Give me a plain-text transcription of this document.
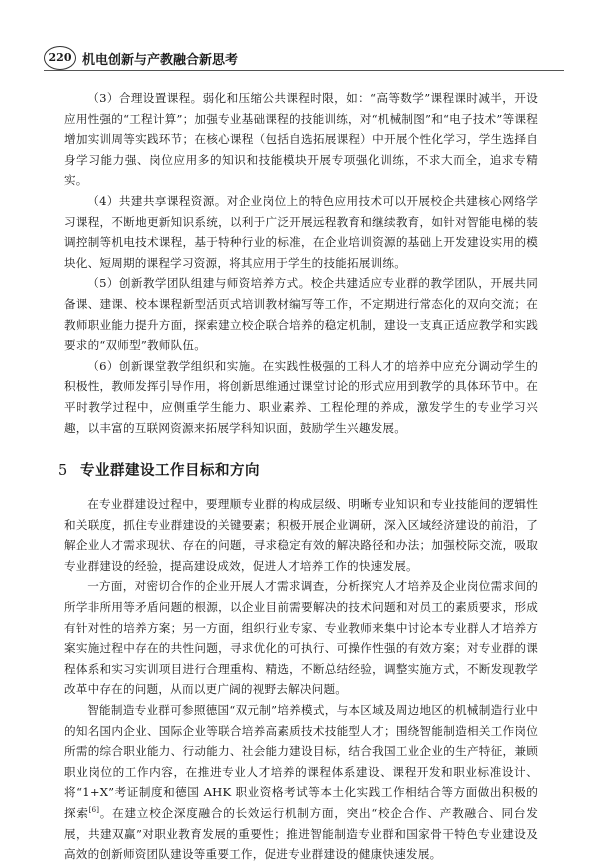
220 机电创新与产教融合新思考

（3）合理设置课程。弱化和压缩公共课程时限，如：“高等数学”课程课时减半，开设应用性强的“工程计算”；加强专业基础课程的技能训练，对“机械制图”和“电子技术”等课程增加实训周等实践环节；在核心课程（包括自选拓展课程）中开展个性化学习，学生选择自身学习能力强、岗位应用多的知识和技能模块开展专项强化训练，不求大而全，追求专精实。

（4）共建共享课程资源。对企业岗位上的特色应用技术可以开展校企共建核心网络学习课程，不断地更新知识系统，以利于广泛开展远程教育和继续教育，如针对智能电梯的装调控制等机电技术课程，基于特种行业的标准，在企业培训资源的基础上开发建设实用的模块化、短周期的课程学习资源，将其应用于学生的技能拓展训练。

（5）创新教学团队组建与师资培养方式。校企共建适应专业群的教学团队，开展共同备课、建课、校本课程新型活页式培训教材编写等工作，不定期进行常态化的双向交流；在教师职业能力提升方面，探索建立校企联合培养的稳定机制，建设一支真正适应教学和实践要求的“双师型”教师队伍。

（6）创新课堂教学组织和实施。在实践性极强的工科人才的培养中应充分调动学生的积极性，教师发挥引导作用，将创新思维通过课堂讨论的形式应用到教学的具体环节中。在平时教学过程中，应侧重学生能力、职业素养、工程伦理的养成，激发学生的专业学习兴趣，以丰富的互联网资源来拓展学科知识面，鼓励学生兴趣发展。

5 专业群建设工作目标和方向

在专业群建设过程中，要理顺专业群的构成层级、明晰专业知识和专业技能间的逻辑性和关联度，抓住专业群建设的关键要素；积极开展企业调研，深入区域经济建设的前沿，了解企业人才需求现状、存在的问题，寻求稳定有效的解决路径和办法；加强校际交流，吸取专业群建设的经验，提高建设成效，促进人才培养工作的快速发展。

一方面，对密切合作的企业开展人才需求调查，分析探究人才培养及企业岗位需求间的所学非所用等矛盾问题的根源，以企业目前需要解决的技术问题和对员工的素质要求，形成有针对性的培养方案；另一方面，组织行业专家、专业教师来集中讨论本专业群人才培养方案实施过程中存在的共性问题，寻求优化的可执行、可操作性强的有效方案；对专业群的课程体系和实习实训项目进行合理重构、精选，不断总结经验，调整实施方式，不断发现教学改革中存在的问题，从而以更广阔的视野去解决问题。

智能制造专业群可参照德国“双元制”培养模式，与本区域及周边地区的机械制造行业中的知名国内企业、国际企业等联合培养高素质技术技能型人才；围绕智能制造相关工作岗位所需的综合职业能力、行动能力、社会能力建设目标，结合我国工业企业的生产特征，兼顾职业岗位的工作内容，在推进专业人才培养的课程体系建设、课程开发和职业标准设计、将“1+X”考证制度和德国 AHK 职业资格考试等本土化实践工作相结合等方面做出积极的探索[6]。在建立校企深度融合的长效运行机制方面，突出“校企合作、产教融合、同台发展，共建双赢”对职业教育发展的重要性；推进智能制造专业群和国家骨干特色专业建设及高效的创新师资团队建设等重要工作，促进专业群建设的健康快速发展。
